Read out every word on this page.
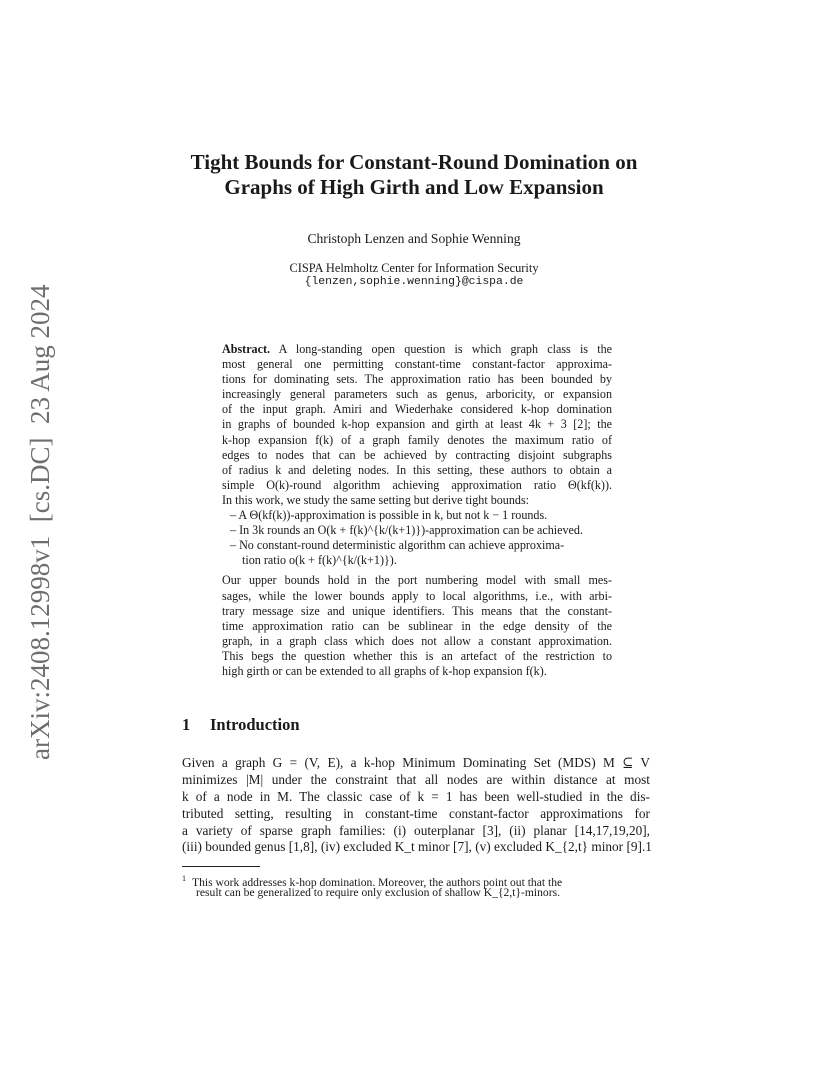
arXiv:2408.12998v1  [cs.DC]  23 Aug 2024
Tight Bounds for Constant-Round Domination on
Graphs of High Girth and Low Expansion
Christoph Lenzen and Sophie Wenning
CISPA Helmholtz Center for Information Security
{lenzen,sophie.wenning}@cispa.de
Abstract. A long-standing open question is which graph class is the
most general one permitting constant-time constant-factor approxima-
tions for dominating sets. The approximation ratio has been bounded by
increasingly general parameters such as genus, arboricity, or expansion
of the input graph. Amiri and Wiederhake considered k-hop domination
in graphs of bounded k-hop expansion and girth at least 4k + 3 [2]; the
k-hop expansion f(k) of a graph family denotes the maximum ratio of
edges to nodes that can be achieved by contracting disjoint subgraphs
of radius k and deleting nodes. In this setting, these authors to obtain a
simple O(k)-round algorithm achieving approximation ratio Θ(kf(k)).
In this work, we study the same setting but derive tight bounds:
– A Θ(kf(k))-approximation is possible in k, but not k − 1 rounds.
– In 3k rounds an O(k + f(k)^{k/(k+1)})-approximation can be achieved.
– No constant-round deterministic algorithm can achieve approxima-
tion ratio o(k + f(k)^{k/(k+1)}).
Our upper bounds hold in the port numbering model with small mes-
sages, while the lower bounds apply to local algorithms, i.e., with arbi-
trary message size and unique identifiers. This means that the constant-
time approximation ratio can be sublinear in the edge density of the
graph, in a graph class which does not allow a constant approximation.
This begs the question whether this is an artefact of the restriction to
high girth or can be extended to all graphs of k-hop expansion f(k).
1 Introduction
Given a graph G = (V, E), a k-hop Minimum Dominating Set (MDS) M ⊆ V
minimizes |M| under the constraint that all nodes are within distance at most
k of a node in M. The classic case of k = 1 has been well-studied in the dis-
tributed setting, resulting in constant-time constant-factor approximations for
a variety of sparse graph families: (i) outerplanar [3], (ii) planar [14,17,19,20],
(iii) bounded genus [1,8], (iv) excluded K_t minor [7], (v) excluded K_{2,t} minor [9].1
$^1$ This work addresses k-hop domination. Moreover, the authors point out that the
result can be generalized to require only exclusion of shallow K_{2,t}-minors.
